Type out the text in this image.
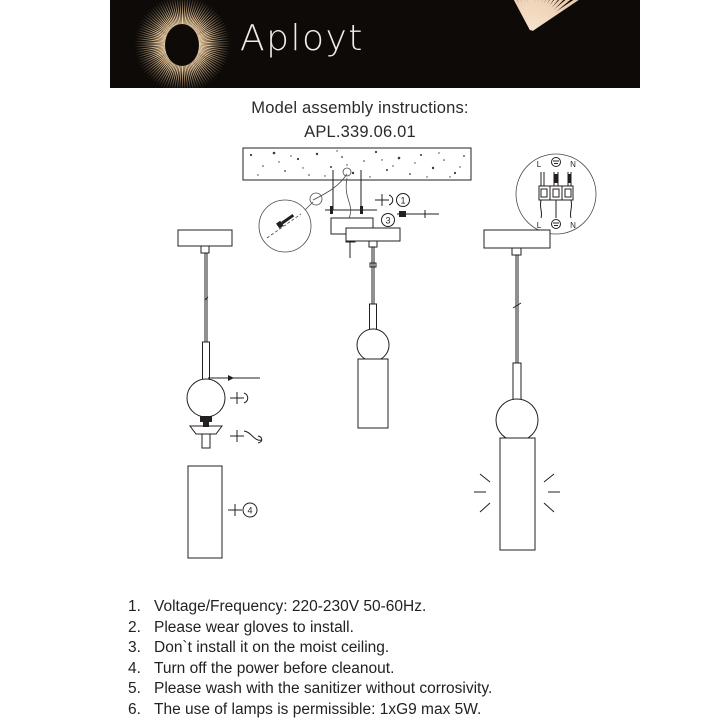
Aployt
Model assembly instructions:
APL.339.06.01
1
3
L	N
L	N
4
1. Voltage/Frequency: 220-230V 50-60Hz.
2. Please wear gloves to install.
3. Don`t install it on the moist ceiling.
4. Turn off the power before cleanout.
5. Please wash with the sanitizer without corrosivity.
6. The use of lamps is permissible: 1xG9 max 5W.
